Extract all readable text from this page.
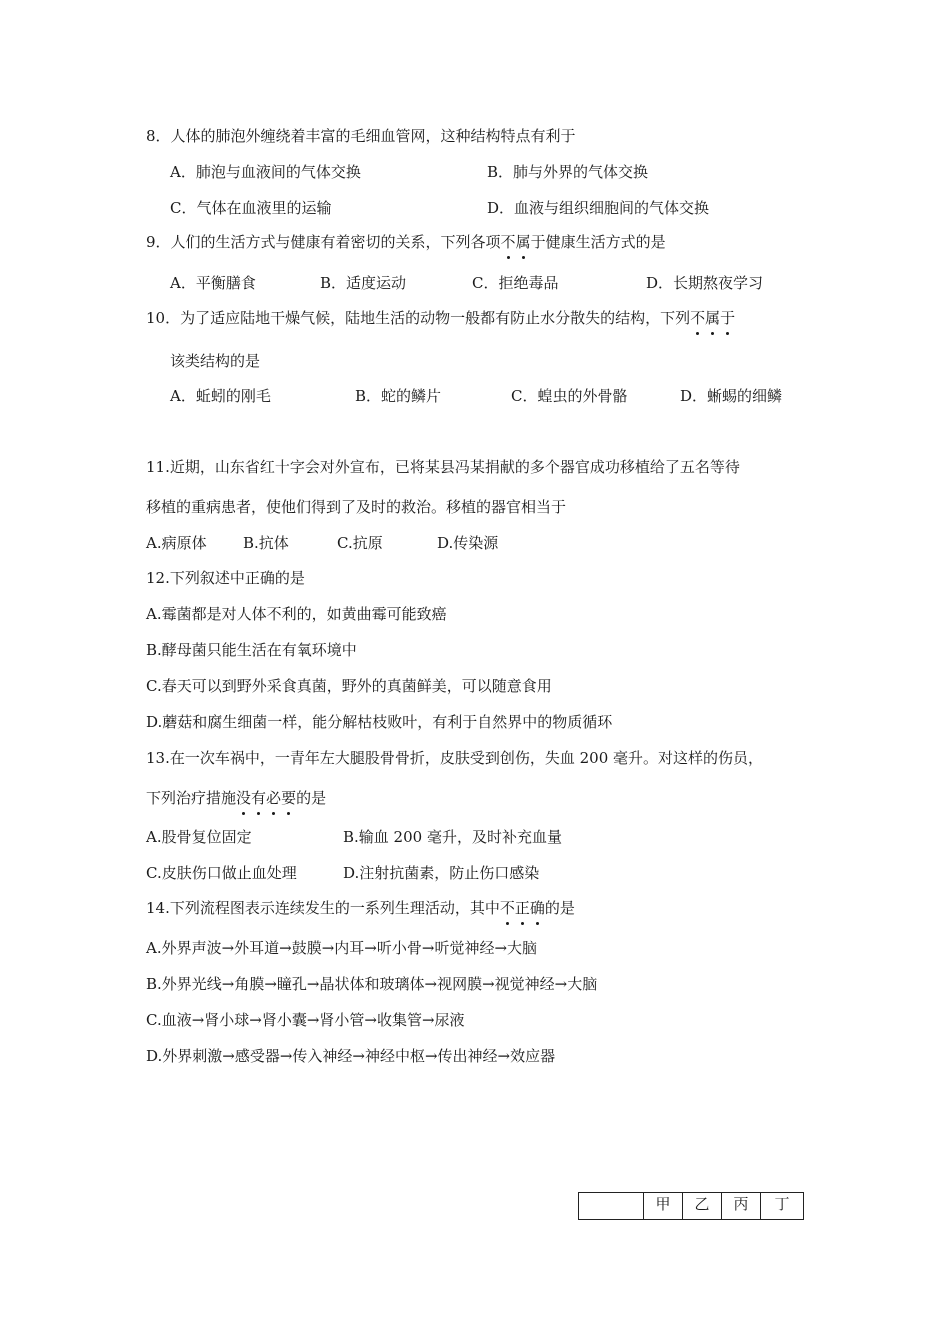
8．人体的肺泡外缠绕着丰富的毛细血管网，这种结构特点有利于
A．肺泡与血液间的气体交换	B．肺与外界的气体交换
C．气体在血液里的运输	D．血液与组织细胞间的气体交换
9．人们的生活方式与健康有着密切的关系，下列各项不属于健康生活方式的是
A．平衡膳食	B．适度运动	C．拒绝毒品	D．长期熬夜学习
10．为了适应陆地干燥气候，陆地生活的动物一般都有防止水分散失的结构，下列不属于
该类结构的是
A．蚯蚓的刚毛	B．蛇的鳞片	C．蝗虫的外骨骼	D．蜥蜴的细鳞
11.近期，山东省红十字会对外宣布，已将某县冯某捐献的多个器官成功移植给了五名等待
移植的重病患者，使他们得到了及时的救治。移植的器官相当于
A.病原体 B.抗体	C.抗原	D.传染源
12.下列叙述中正确的是
A.霉菌都是对人体不利的，如黄曲霉可能致癌
B.酵母菌只能生活在有氧环境中
C.春天可以到野外采食真菌，野外的真菌鲜美，可以随意食用
D.蘑菇和腐生细菌一样，能分解枯枝败叶，有利于自然界中的物质循环
13.在一次车祸中，一青年左大腿股骨骨折，皮肤受到创伤，失血 200 毫升。对这样的伤员，
下列治疗措施没有必要的是
A.股骨复位固定	B.输血 200 毫升，及时补充血量
C.皮肤伤口做止血处理	D.注射抗菌素，防止伤口感染
14.下列流程图表示连续发生的一系列生理活动，其中不正确的是
A.外界声波→外耳道→鼓膜→内耳→听小骨→听觉神经→大脑
B.外界光线→角膜→瞳孔→晶状体和玻璃体→视网膜→视觉神经→大脑
C.血液→肾小球→肾小囊→肾小管→收集管→尿液
D.外界刺激→感受器→传入神经→神经中枢→传出神经→效应器
	甲	乙	丙	丁
